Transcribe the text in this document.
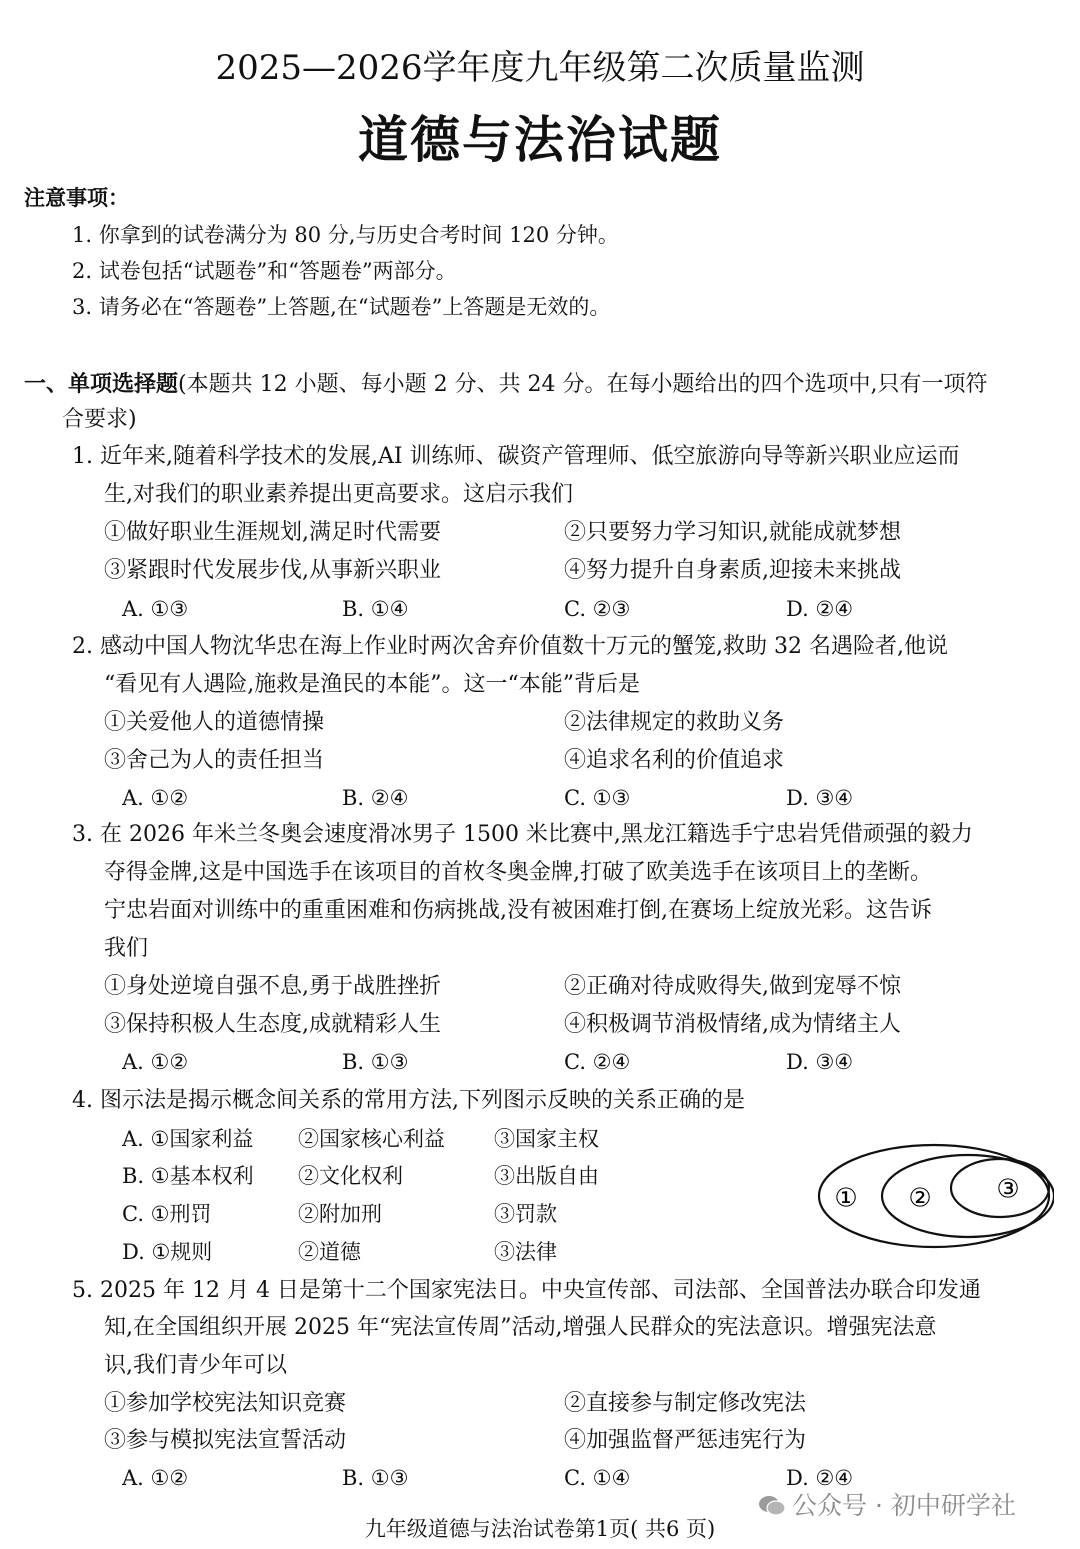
2025—2026学年度九年级第二次质量监测
道德与法治试题
注意事项：
1. 你拿到的试卷满分为 80 分,与历史合考时间 120 分钟。
2. 试卷包括“试题卷”和“答题卷”两部分。
3. 请务必在“答题卷”上答题,在“试题卷”上答题是无效的。
一、单项选择题(本题共 12 小题、每小题 2 分、共 24 分。在每小题给出的四个选项中,只有一项符
合要求)
1. 近年来,随着科学技术的发展,AI 训练师、碳资产管理师、低空旅游向导等新兴职业应运而
生,对我们的职业素养提出更高要求。这启示我们
①做好职业生涯规划,满足时代需要	②只要努力学习知识,就能成就梦想
③紧跟时代发展步伐,从事新兴职业	④努力提升自身素质,迎接未来挑战
A. ①③	B. ①④	C. ②③	D. ②④
2. 感动中国人物沈华忠在海上作业时两次舍弃价值数十万元的蟹笼,救助 32 名遇险者,他说
“看见有人遇险,施救是渔民的本能”。这一“本能”背后是
①关爱他人的道德情操	②法律规定的救助义务
③舍己为人的责任担当	④追求名利的价值追求
A. ①②	B. ②④	C. ①③	D. ③④
3. 在 2026 年米兰冬奥会速度滑冰男子 1500 米比赛中,黑龙江籍选手宁忠岩凭借顽强的毅力
夺得金牌,这是中国选手在该项目的首枚冬奥金牌,打破了欧美选手在该项目上的垄断。
宁忠岩面对训练中的重重困难和伤病挑战,没有被困难打倒,在赛场上绽放光彩。这告诉
我们
①身处逆境自强不息,勇于战胜挫折	②正确对待成败得失,做到宠辱不惊
③保持积极人生态度,成就精彩人生	④积极调节消极情绪,成为情绪主人
A. ①②	B. ①③	C. ②④	D. ③④
4. 图示法是揭示概念间关系的常用方法,下列图示反映的关系正确的是
A. ①国家利益 ②国家核心利益 ③国家主权
B. ①基本权利 ②文化权利	③出版自由
C. ①刑罚	②附加刑	③罚款
D. ①规则	②道德	③法律
① ② ③
5. 2025 年 12 月 4 日是第十二个国家宪法日。中央宣传部、司法部、全国普法办联合印发通
知,在全国组织开展 2025 年“宪法宣传周”活动,增强人民群众的宪法意识。增强宪法意
识,我们青少年可以
①参加学校宪法知识竞赛	②直接参与制定修改宪法
③参与模拟宪法宣誓活动	④加强监督严惩违宪行为
A. ①②	B. ①③	C. ①④	D. ②④
九年级道德与法治试卷第1页( 共6 页)
公众号 · 初中研学社
